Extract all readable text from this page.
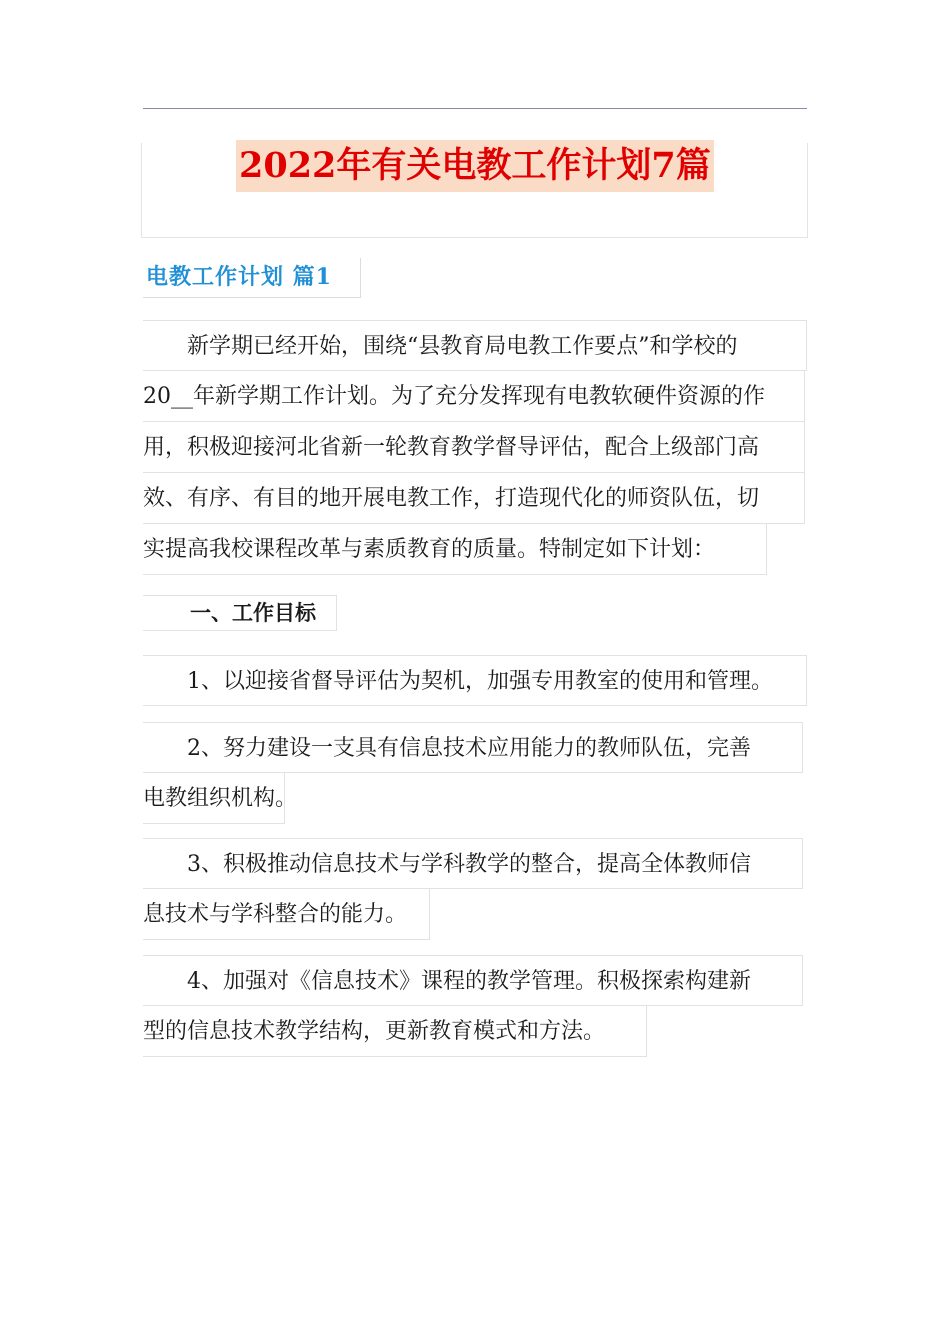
2022年有关电教工作计划7篇
电教工作计划 篇1
新学期已经开始，围绕“县教育局电教工作要点”和学校的
20__年新学期工作计划。为了充分发挥现有电教软硬件资源的作
用，积极迎接河北省新一轮教育教学督导评估，配合上级部门高
效、有序、有目的地开展电教工作，打造现代化的师资队伍，切
实提高我校课程改革与素质教育的质量。特制定如下计划：
一、工作目标
1、以迎接省督导评估为契机，加强专用教室的使用和管理。
2、努力建设一支具有信息技术应用能力的教师队伍，完善
电教组织机构。
3、积极推动信息技术与学科教学的整合，提高全体教师信
息技术与学科整合的能力。
4、加强对《信息技术》课程的教学管理。积极探索构建新
型的信息技术教学结构，更新教育模式和方法。
